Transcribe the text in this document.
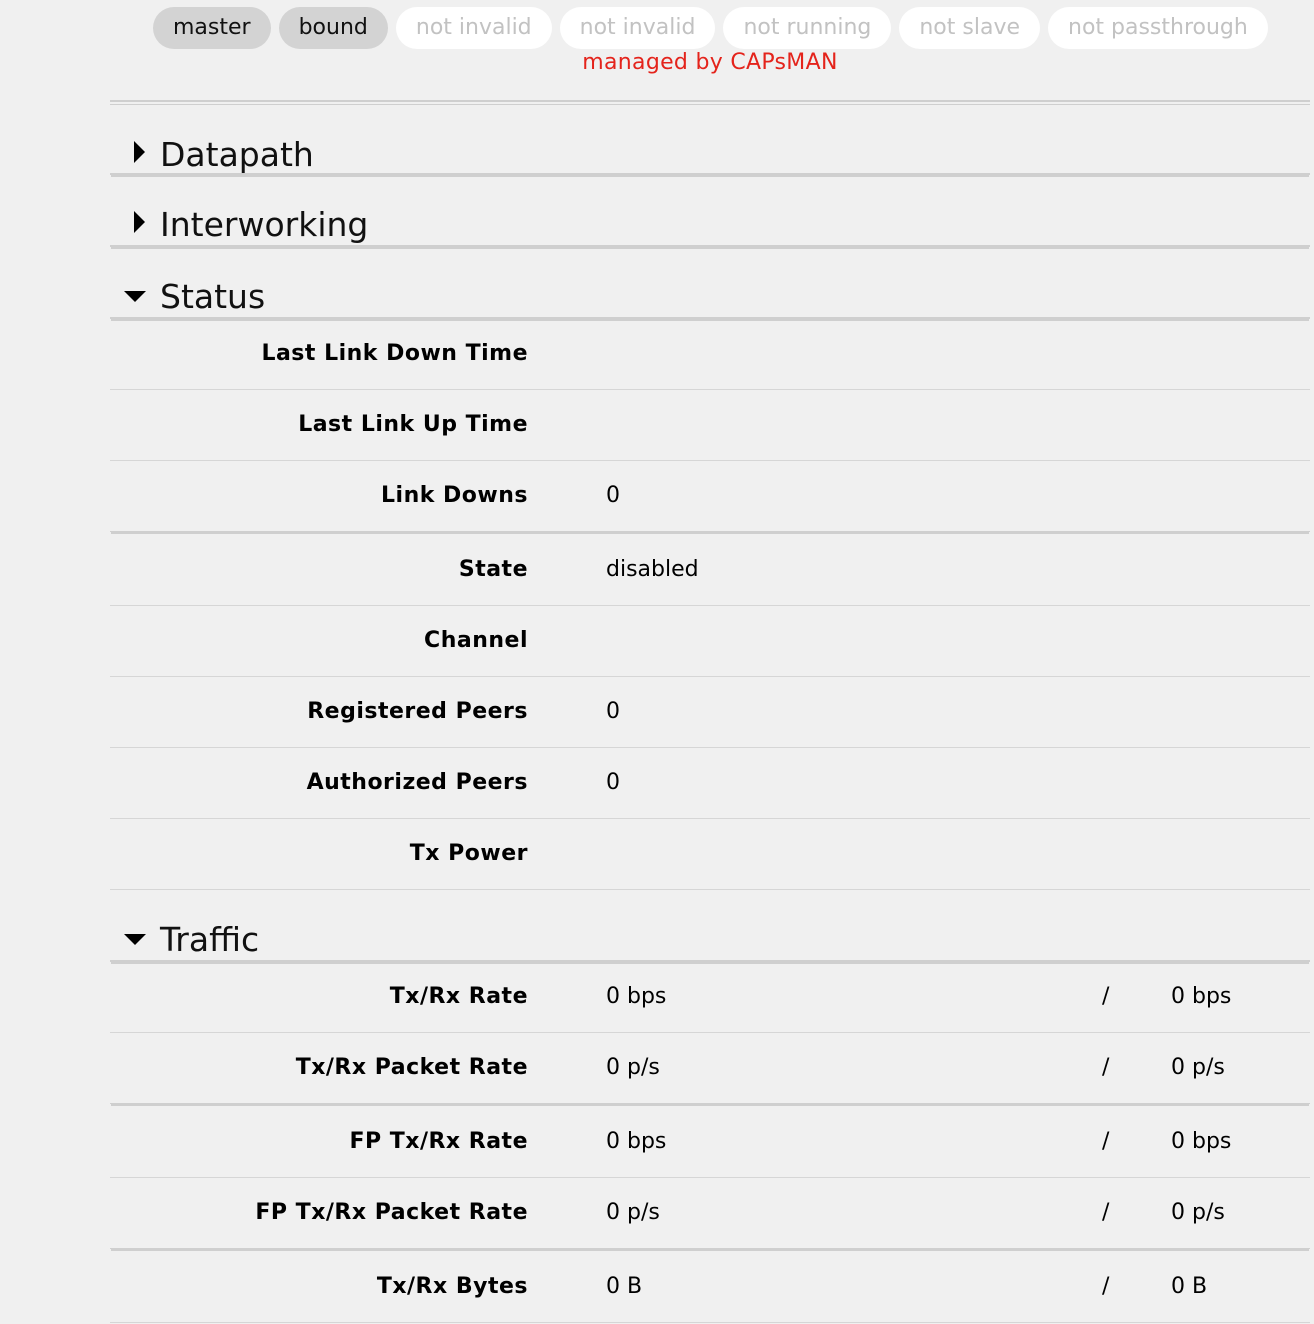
master	bound	not invalid	not invalid	not running	not slave	not passthrough
managed by CAPsMAN
Datapath
Interworking
Status
Last Link Down Time
Last Link Up Time
Link Downs	0
State	disabled
Channel
Registered Peers	0
Authorized Peers	0
Tx Power
Traffic
Tx/Rx Rate	0 bps	/	0 bps
Tx/Rx Packet Rate	0 p/s	/	0 p/s
FP Tx/Rx Rate	0 bps	/	0 bps
FP Tx/Rx Packet Rate	0 p/s	/	0 p/s
Tx/Rx Bytes	0 B	/	0 B
